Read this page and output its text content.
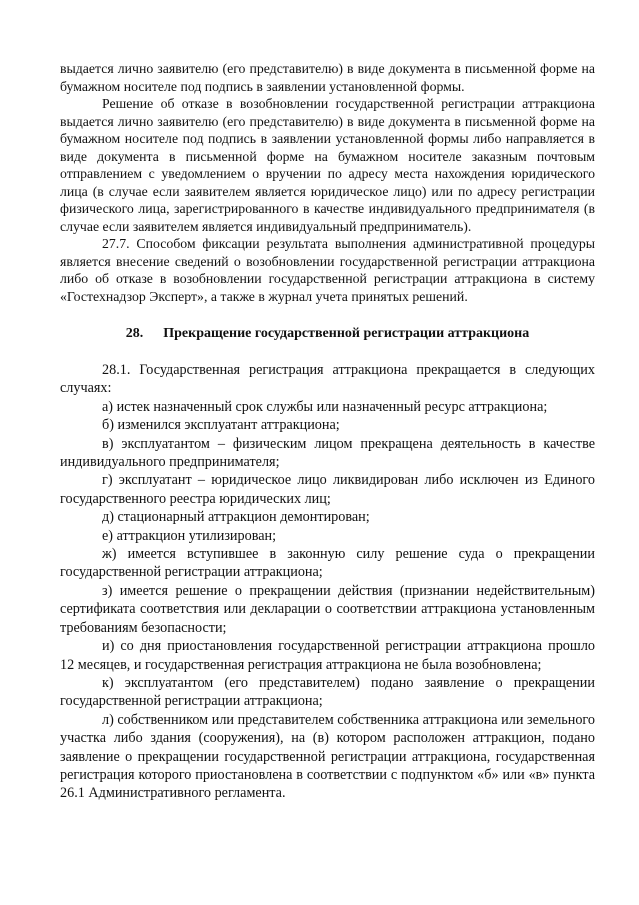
выдается лично заявителю (его представителю) в виде документа в письменной форме на бумажном носителе под подпись в заявлении установленной формы.

Решение об отказе в возобновлении государственной регистрации аттракциона выдается лично заявителю (его представителю) в виде документа в письменной форме на бумажном носителе под подпись в заявлении установленной формы либо направляется в виде документа в письменной форме на бумажном носителе заказным почтовым отправлением с уведомлением о вручении по адресу места нахождения юридического лица (в случае если заявителем является юридическое лицо) или по адресу регистрации физического лица, зарегистрированного в качестве индивидуального предпринимателя (в случае если заявителем является индивидуальный предприниматель).

27.7. Способом фиксации результата выполнения административной процедуры является внесение сведений о возобновлении государственной регистрации аттракциона либо об отказе в возобновлении государственной регистрации аттракциона в систему «Гостехнадзор Эксперт», а также в журнал учета принятых решений.

28. Прекращение государственной регистрации аттракциона

28.1. Государственная регистрация аттракциона прекращается в следующих случаях:

а) истек назначенный срок службы или назначенный ресурс аттракциона;

б) изменился эксплуатант аттракциона;

в) эксплуатантом – физическим лицом прекращена деятельность в качестве индивидуального предпринимателя;

г) эксплуатант – юридическое лицо ликвидирован либо исключен из Единого государственного реестра юридических лиц;

д) стационарный аттракцион демонтирован;

е) аттракцион утилизирован;

ж) имеется вступившее в законную силу решение суда о прекращении государственной регистрации аттракциона;

з) имеется решение о прекращении действия (признании недействительным) сертификата соответствия или декларации о соответствии аттракциона установленным требованиям безопасности;

и) со дня приостановления государственной регистрации аттракциона прошло 12 месяцев, и государственная регистрация аттракциона не была возобновлена;

к) эксплуатантом (его представителем) подано заявление о прекращении государственной регистрации аттракциона;

л) собственником или представителем собственника аттракциона или земельного участка либо здания (сооружения), на (в) котором расположен аттракцион, подано заявление о прекращении государственной регистрации аттракциона, государственная регистрация которого приостановлена в соответствии с подпунктом «б» или «в» пункта 26.1 Административного регламента.
